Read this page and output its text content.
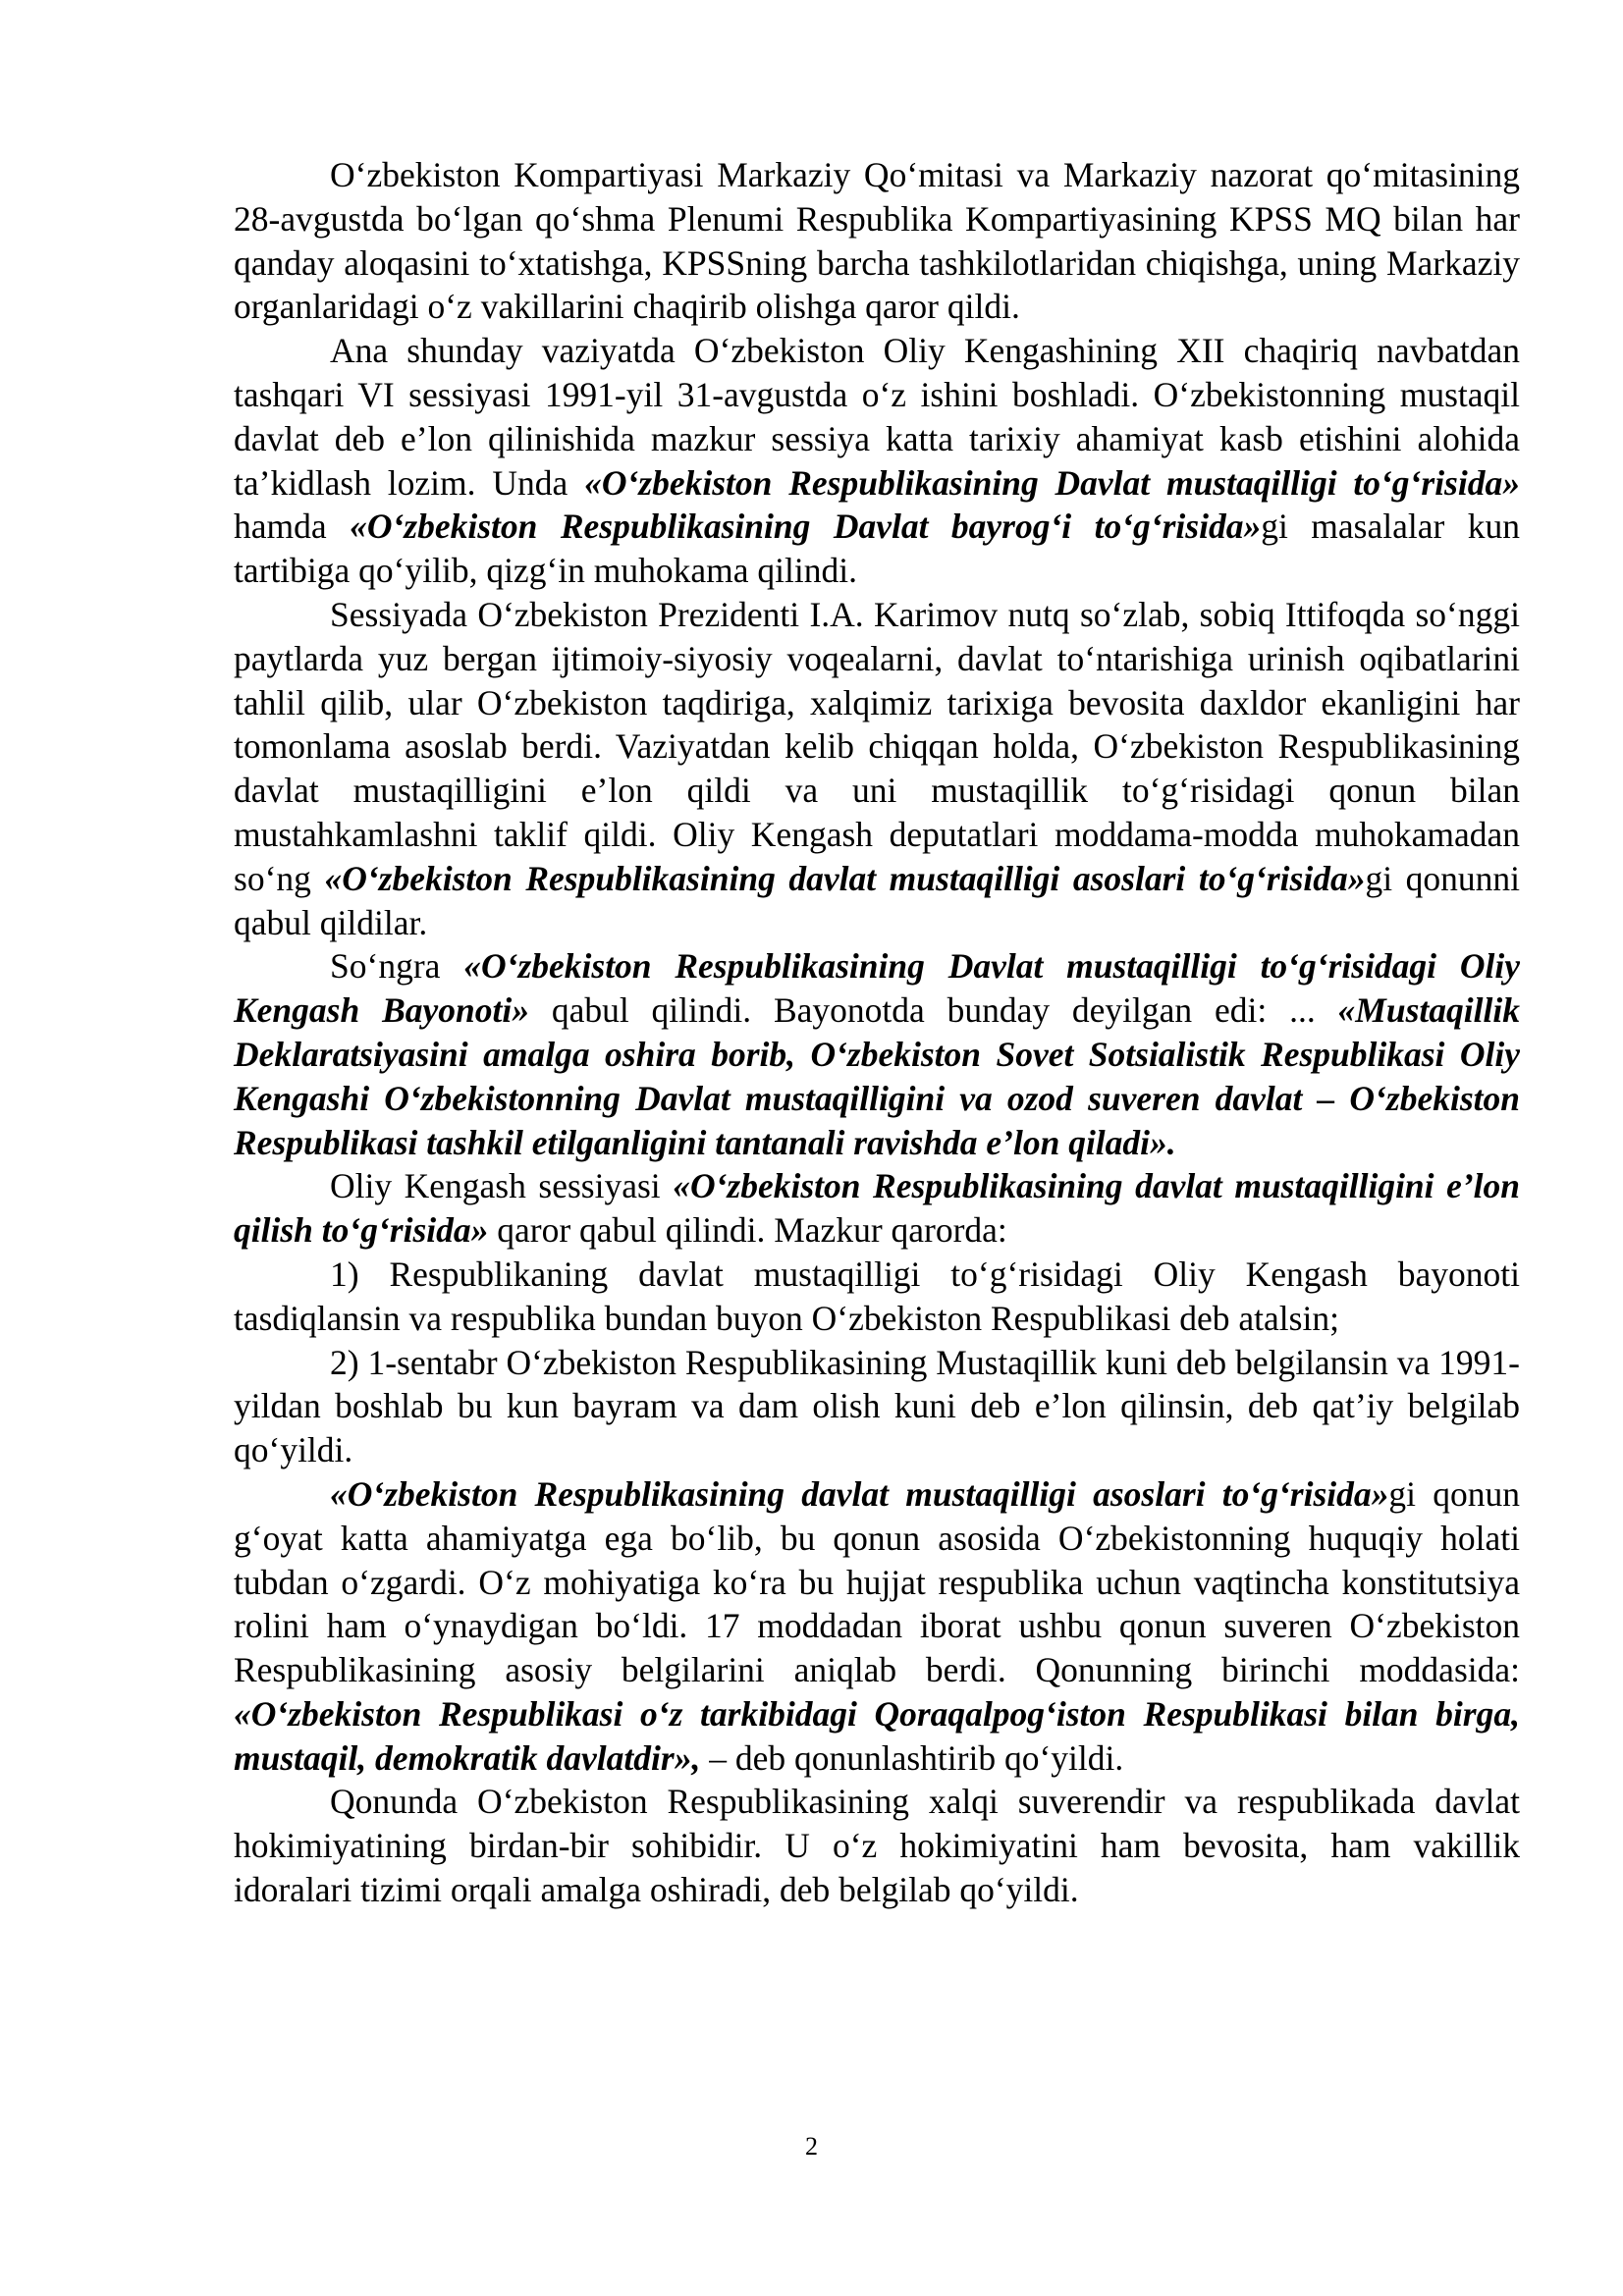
O‘zbekiston Kompartiyasi Markaziy Qo‘mitasi va Markaziy nazorat qo‘mitasining 28-avgustda bo‘lgan qo‘shma Plenumi Respublika Kompartiyasining KPSS MQ bilan har qanday aloqasini to‘xtatishga, KPSSning barcha tashkilotlaridan chiqishga, uning Markaziy organlaridagi o‘z vakillarini chaqirib olishga qaror qildi.

Ana shunday vaziyatda O‘zbekiston Oliy Kengashining XII chaqiriq navbatdan tashqari VI sessiyasi 1991-yil 31-avgustda o‘z ishini boshladi. O‘zbekistonning mustaqil davlat deb e’lon qilinishida mazkur sessiya katta tarixiy ahamiyat kasb etishini alohida ta’kidlash lozim. Unda «O‘zbekiston Respublikasining Davlat mustaqilligi to‘g‘risida» hamda «O‘zbekiston Respublikasining Davlat bayrog‘i to‘g‘risida»gi masalalar kun tartibiga qo‘yilib, qizg‘in muhokama qilindi.

Sessiyada O‘zbekiston Prezidenti I.A. Karimov nutq so‘zlab, sobiq Ittifoqda so‘nggi paytlarda yuz bergan ijtimoiy-siyosiy voqealarni, davlat to‘ntarishiga urinish oqibatlarini tahlil qilib, ular O‘zbekiston taqdiriga, xalqimiz tarixiga bevosita daxldor ekanligini har tomonlama asoslab berdi. Vaziyatdan kelib chiqqan holda, O‘zbekiston Respublikasining davlat mustaqilligini e’lon qildi va uni mustaqillik to‘g‘risidagi qonun bilan mustahkamlashni taklif qildi. Oliy Kengash deputatlari moddama-modda muhokamadan so‘ng «O‘zbekiston Respublikasining davlat mustaqilligi asoslari to‘g‘risida»gi qonunni qabul qildilar.

So‘ngra «O‘zbekiston Respublikasining Davlat mustaqilligi to‘g‘risidagi Oliy Kengash Bayonoti» qabul qilindi. Bayonotda bunday deyilgan edi: ... «Mustaqillik Deklaratsiyasini amalga oshira borib, O‘zbekiston Sovet Sotsialistik Respublikasi Oliy Kengashi O‘zbekistonning Davlat mustaqilligini va ozod suveren davlat – O‘zbekiston Respublikasi tashkil etilganligini tantanali ravishda e’lon qiladi».

Oliy Kengash sessiyasi «O‘zbekiston Respublikasining davlat mustaqilligini e’lon qilish to‘g‘risida» qaror qabul qilindi. Mazkur qarorda:

1) Respublikaning davlat mustaqilligi to‘g‘risidagi Oliy Kengash bayonoti tasdiqlansin va respublika bundan buyon O‘zbekiston Respublikasi deb atalsin;

2) 1-sentabr O‘zbekiston Respublikasining Mustaqillik kuni deb belgilansin va 1991-yildan boshlab bu kun bayram va dam olish kuni deb e’lon qilinsin, deb qat’iy belgilab qo‘yildi.

«O‘zbekiston Respublikasining davlat mustaqilligi asoslari to‘g‘risida»gi qonun g‘oyat katta ahamiyatga ega bo‘lib, bu qonun asosida O‘zbekistonning huquqiy holati tubdan o‘zgardi. O‘z mohiyatiga ko‘ra bu hujjat respublika uchun vaqtincha konstitutsiya rolini ham o‘ynaydigan bo‘ldi. 17 moddadan iborat ushbu qonun suveren O‘zbekiston Respublikasining asosiy belgilarini aniqlab berdi. Qonunning birinchi moddasida: «O‘zbekiston Respublikasi o‘z tarkibidagi Qoraqalpog‘iston Respublikasi bilan birga, mustaqil, demokratik davlatdir», – deb qonunlashtirib qo‘yildi.

Qonunda O‘zbekiston Respublikasining xalqi suverendir va respublikada davlat hokimiyatining birdan-bir sohibidir. U o‘z hokimiyatini ham bevosita, ham vakillik idoralari tizimi orqali amalga oshiradi, deb belgilab qo‘yildi.

2
